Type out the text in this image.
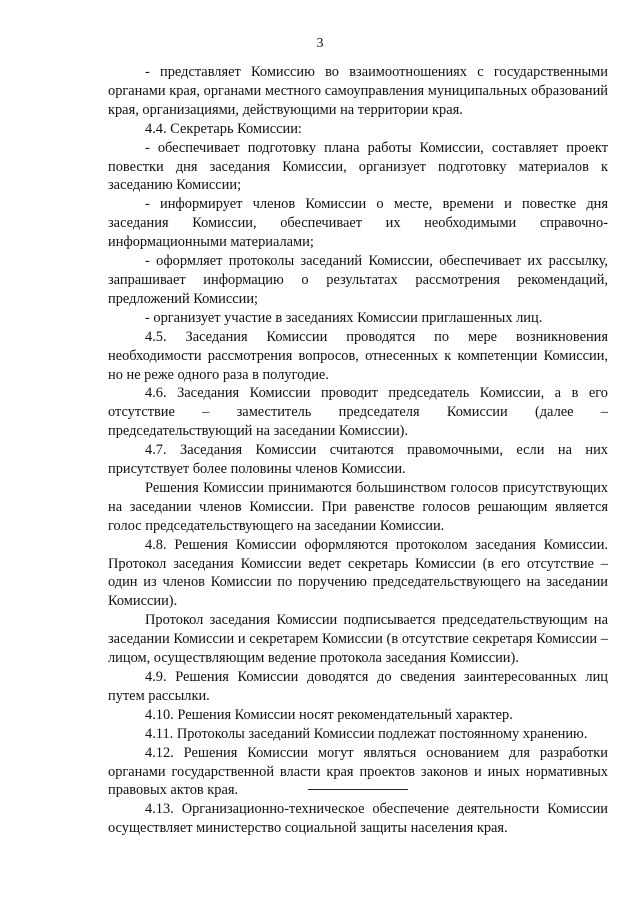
3

- представляет Комиссию во взаимоотношениях с государственными органами края, органами местного самоуправления муниципальных образований края, организациями, действующими на территории края.

4.4. Секретарь Комиссии:

- обеспечивает подготовку плана работы Комиссии, составляет проект повестки дня заседания Комиссии, организует подготовку материалов к заседанию Комиссии;

- информирует членов Комиссии о месте, времени и повестке дня заседания Комиссии, обеспечивает их необходимыми справочно-информационными материалами;

- оформляет протоколы заседаний Комиссии, обеспечивает их рассылку, запрашивает информацию о результатах рассмотрения рекомендаций, предложений Комиссии;

- организует участие в заседаниях Комиссии приглашенных лиц.

4.5. Заседания Комиссии проводятся по мере возникновения необходимости рассмотрения вопросов, отнесенных к компетенции Комиссии, но не реже одного раза в полугодие.

4.6. Заседания Комиссии проводит председатель Комиссии, а в его отсутствие – заместитель председателя Комиссии (далее – председательствующий на заседании Комиссии).

4.7. Заседания Комиссии считаются правомочными, если на них присутствует более половины членов Комиссии.

Решения Комиссии принимаются большинством голосов присутствующих на заседании членов Комиссии. При равенстве голосов решающим является голос председательствующего на заседании Комиссии.

4.8. Решения Комиссии оформляются протоколом заседания Комиссии. Протокол заседания Комиссии ведет секретарь Комиссии (в его отсутствие – один из членов Комиссии по поручению председательствующего на заседании Комиссии).

Протокол заседания Комиссии подписывается председательствующим на заседании Комиссии и секретарем Комиссии (в отсутствие секретаря Комиссии – лицом, осуществляющим ведение протокола заседания Комиссии).

4.9. Решения Комиссии доводятся до сведения заинтересованных лиц путем рассылки.

4.10. Решения Комиссии носят рекомендательный характер.

4.11. Протоколы заседаний Комиссии подлежат постоянному хранению.

4.12. Решения Комиссии могут являться основанием для разработки органами государственной власти края проектов законов и иных нормативных правовых актов края.

4.13. Организационно-техническое обеспечение деятельности Комиссии осуществляет министерство социальной защиты населения края.
